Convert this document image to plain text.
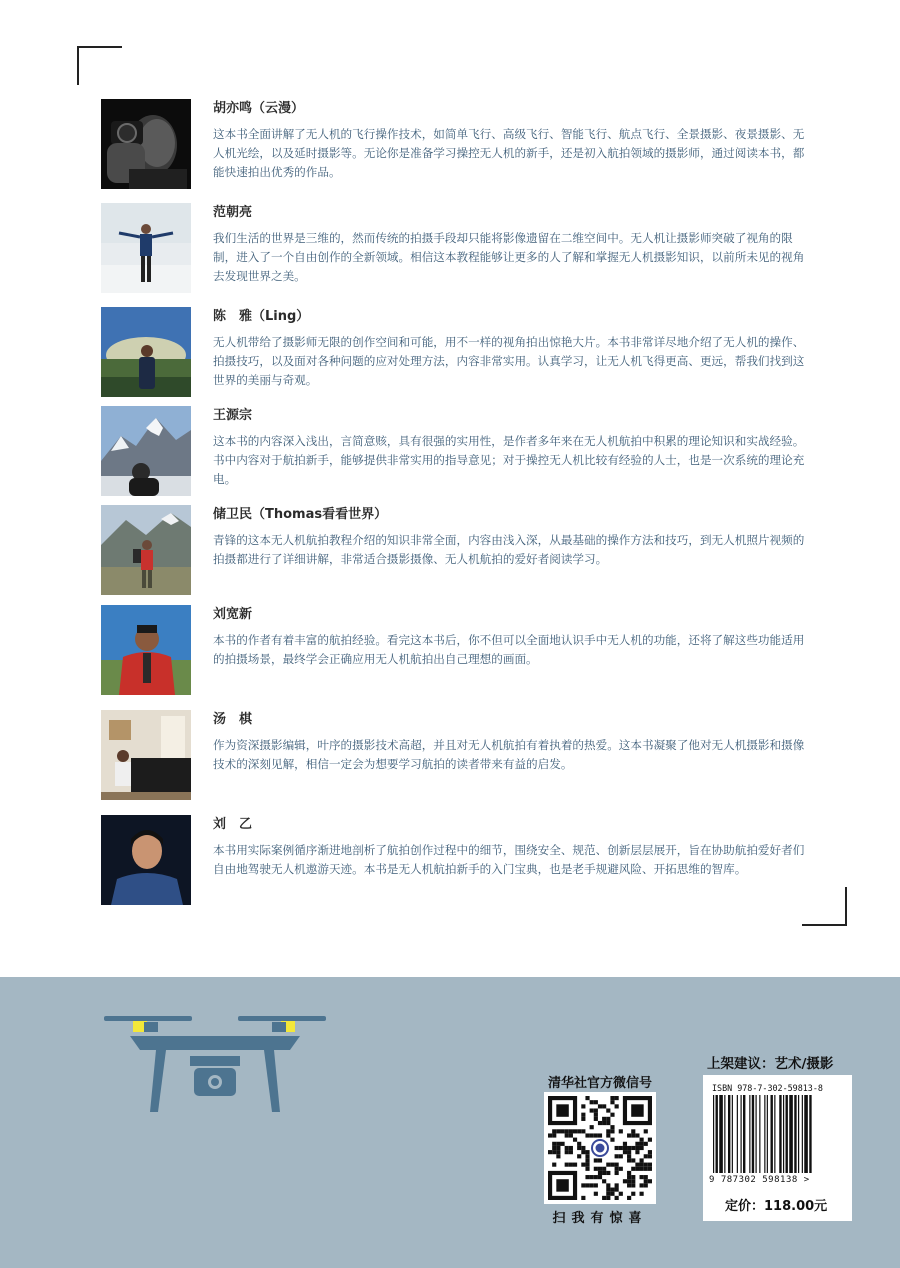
胡亦鸣（云漫）

这本书全面讲解了无人机的飞行操作技术，如简单飞行、高级飞行、智能飞行、航点飞行、全景摄影、夜景摄影、无人机光绘，以及延时摄影等。无论你是准备学习操控无人机的新手，还是初入航拍领域的摄影师，通过阅读本书，都能快速拍出优秀的作品。

范朝亮

我们生活的世界是三维的，然而传统的拍摄手段却只能将影像遗留在二维空间中。无人机让摄影师突破了视角的限制，进入了一个自由创作的全新领域。相信这本教程能够让更多的人了解和掌握无人机摄影知识，以前所未见的视角去发现世界之美。

陈　雅（Ling）

无人机带给了摄影师无限的创作空间和可能，用不一样的视角拍出惊艳大片。本书非常详尽地介绍了无人机的操作、拍摄技巧，以及面对各种问题的应对处理方法，内容非常实用。认真学习，让无人机飞得更高、更远，帮我们找到这世界的美丽与奇观。

王源宗

这本书的内容深入浅出，言简意赅，具有很强的实用性，是作者多年来在无人机航拍中积累的理论知识和实战经验。书中内容对于航拍新手，能够提供非常实用的指导意见；对于操控无人机比较有经验的人士，也是一次系统的理论充电。

储卫民（Thomas看看世界）

青锋的这本无人机航拍教程介绍的知识非常全面，内容由浅入深，从最基础的操作方法和技巧，到无人机照片视频的拍摄都进行了详细讲解，非常适合摄影摄像、无人机航拍的爱好者阅读学习。

刘宽新

本书的作者有着丰富的航拍经验。看完这本书后，你不但可以全面地认识手中无人机的功能，还将了解这些功能适用的拍摄场景，最终学会正确应用无人机航拍出自己理想的画面。

汤　棋

作为资深摄影编辑，叶序的摄影技术高超，并且对无人机航拍有着执着的热爱。这本书凝聚了他对无人机摄影和摄像技术的深刻见解，相信一定会为想要学习航拍的读者带来有益的启发。

刘　乙

本书用实际案例循序渐进地剖析了航拍创作过程中的细节，围绕安全、规范、创新层层展开，旨在协助航拍爱好者们自由地驾驶无人机遨游天迹。本书是无人机航拍新手的入门宝典，也是老手规避风险、开拓思维的智库。

清华社官方微信号
扫我有惊喜
上架建议：艺术/摄影
ISBN 978-7-302-59813-8
9 787302 598138 >
定价：118.00元
